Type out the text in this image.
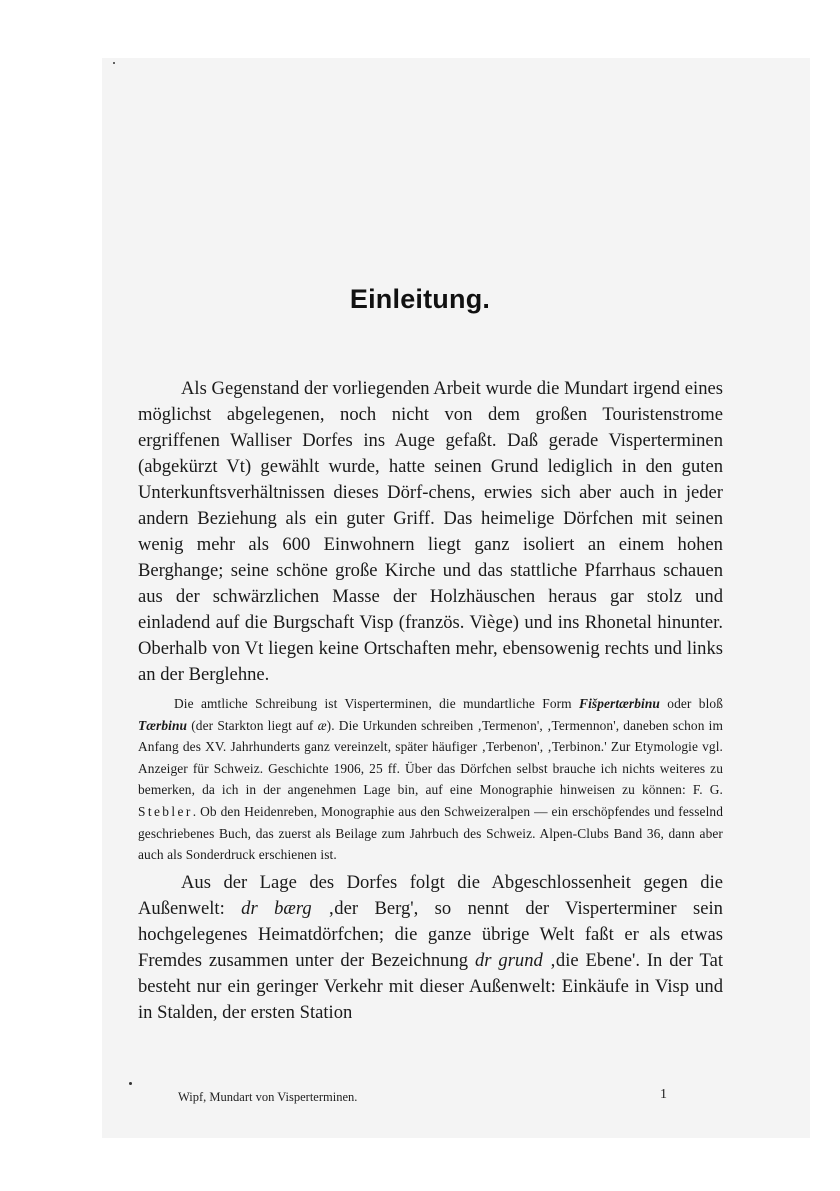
Einleitung.

Als Gegenstand der vorliegenden Arbeit wurde die Mundart irgend eines möglichst abgelegenen, noch nicht von dem großen Touristenstrome ergriffenen Walliser Dorfes ins Auge gefaßt. Daß gerade Visperterminen (abgekürzt Vt) gewählt wurde, hatte seinen Grund lediglich in den guten Unterkunftsverhältnissen dieses Dörf-chens, erwies sich aber auch in jeder andern Beziehung als ein guter Griff. Das heimelige Dörfchen mit seinen wenig mehr als 600 Einwohnern liegt ganz isoliert an einem hohen Berghange; seine schöne große Kirche und das stattliche Pfarrhaus schauen aus der schwärzlichen Masse der Holzhäuschen heraus gar stolz und einladend auf die Burgschaft Visp (französ. Viège) und ins Rhonetal hinunter. Oberhalb von Vt liegen keine Ortschaften mehr, ebensowenig rechts und links an der Berglehne.

Die amtliche Schreibung ist Visperterminen, die mundartliche Form Fišpertærbinu oder bloß Tærbinu (der Starkton liegt auf æ). Die Urkunden schreiben ‚Termenon', ‚Termennon', daneben schon im Anfang des XV. Jahrhunderts ganz vereinzelt, später häufiger ‚Terbenon', ‚Terbinon.' Zur Etymologie vgl. Anzeiger für Schweiz. Geschichte 1906, 25 ff. Über das Dörfchen selbst brauche ich nichts weiteres zu bemerken, da ich in der angenehmen Lage bin, auf eine Monographie hinweisen zu können: F. G. Stebler. Ob den Heidenreben, Monographie aus den Schweizeralpen — ein erschöpfendes und fesselnd geschriebenes Buch, das zuerst als Beilage zum Jahrbuch des Schweiz. Alpen-Clubs Band 36, dann aber auch als Sonderdruck erschienen ist.

Aus der Lage des Dorfes folgt die Abgeschlossenheit gegen die Außenwelt: dr bærg ‚der Berg', so nennt der Visperterminer sein hochgelegenes Heimatdörfchen; die ganze übrige Welt faßt er als etwas Fremdes zusammen unter der Bezeichnung dr grund ‚die Ebene'. In der Tat besteht nur ein geringer Verkehr mit dieser Außenwelt: Einkäufe in Visp und in Stalden, der ersten Station

Wipf, Mundart von Visperterminen.	1
